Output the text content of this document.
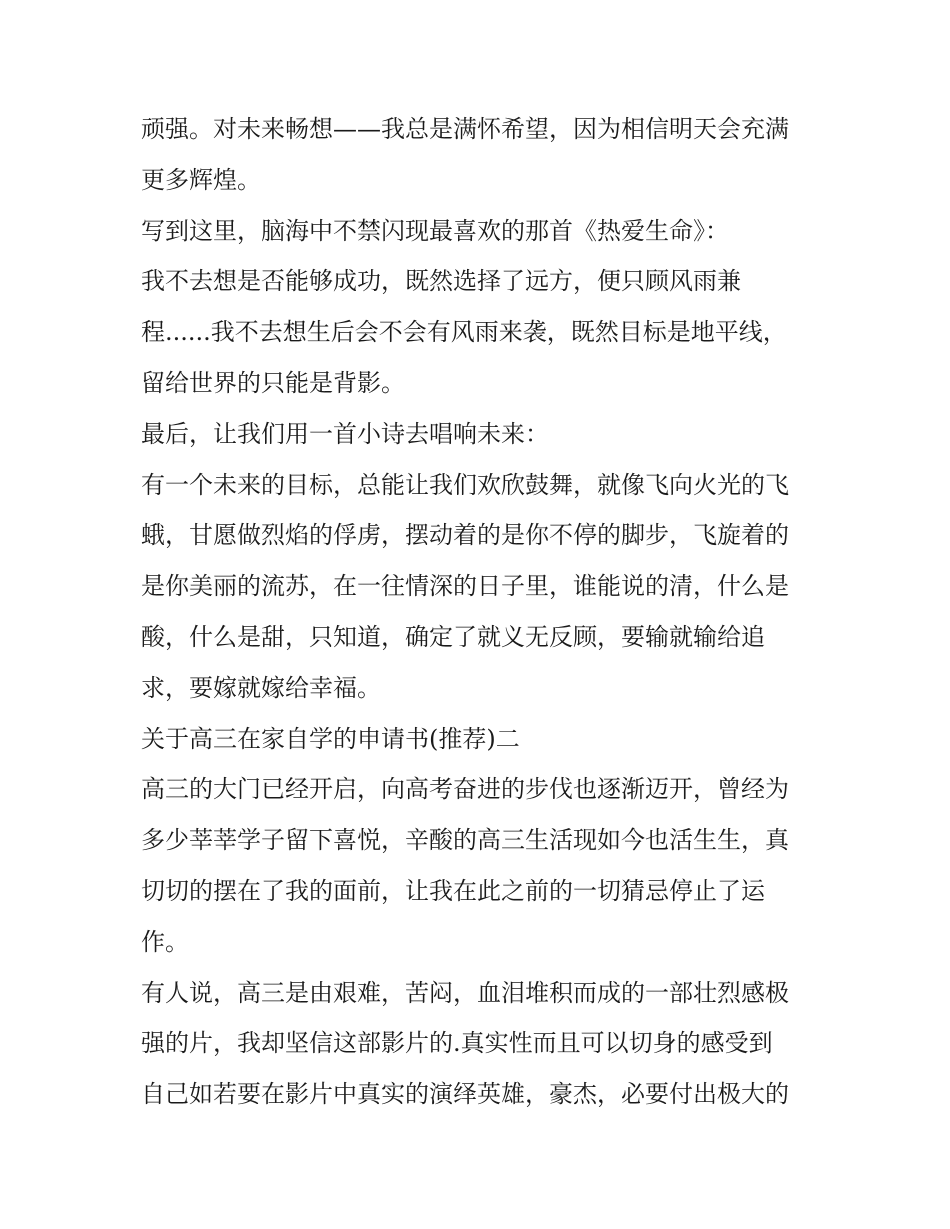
顽强。对未来畅想——我总是满怀希望，因为相信明天会充满
更多辉煌。
写到这里，脑海中不禁闪现最喜欢的那首《热爱生命》：
我不去想是否能够成功，既然选择了远方，便只顾风雨兼
程......我不去想生后会不会有风雨来袭，既然目标是地平线，
留给世界的只能是背影。
最后，让我们用一首小诗去唱响未来：
有一个未来的目标，总能让我们欢欣鼓舞，就像飞向火光的飞
蛾，甘愿做烈焰的俘虏，摆动着的是你不停的脚步，飞旋着的
是你美丽的流苏，在一往情深的日子里，谁能说的清，什么是
酸，什么是甜，只知道，确定了就义无反顾，要输就输给追
求，要嫁就嫁给幸福。
关于高三在家自学的申请书(推荐)二
高三的大门已经开启，向高考奋进的步伐也逐渐迈开，曾经为
多少莘莘学子留下喜悦，辛酸的高三生活现如今也活生生，真
切切的摆在了我的面前，让我在此之前的一切猜忌停止了运
作。
有人说，高三是由艰难，苦闷，血泪堆积而成的一部壮烈感极
强的片，我却坚信这部影片的.真实性而且可以切身的感受到
自己如若要在影片中真实的演绎英雄，豪杰，必要付出极大的
